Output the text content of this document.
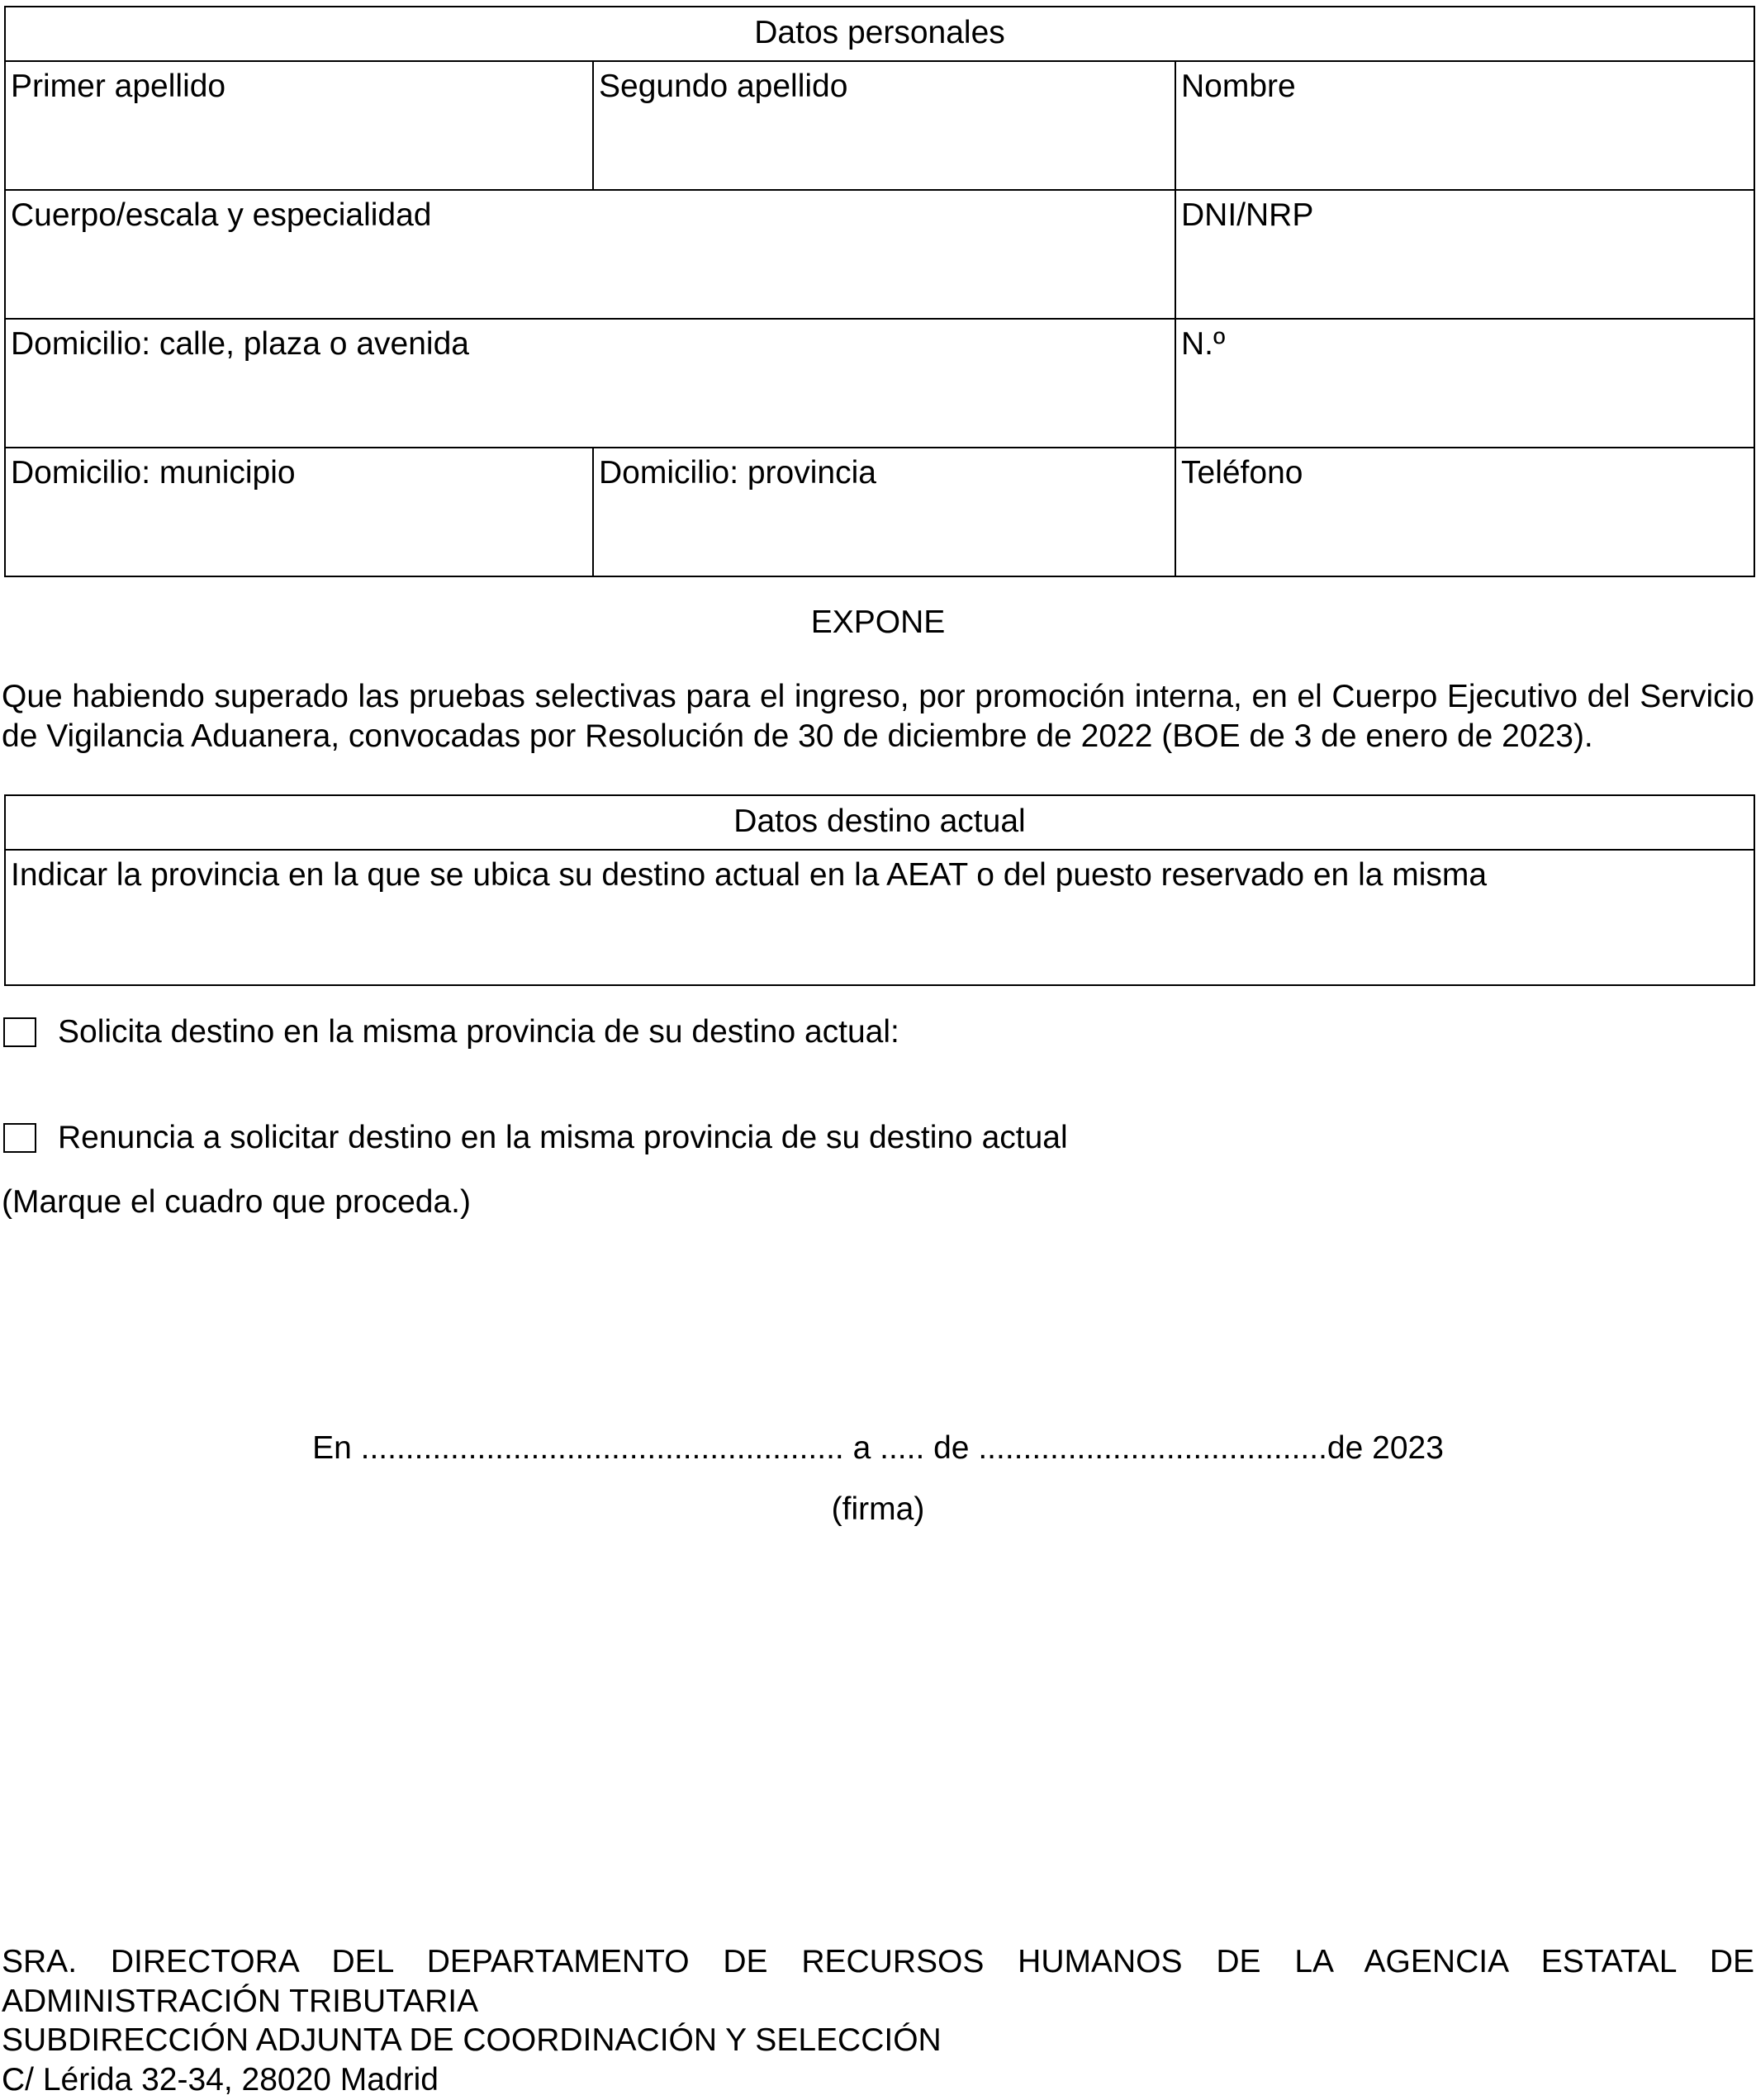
Datos personales		
Primer apellido	Segundo apellido	Nombre
Cuerpo/escala y especialidad		DNI/NRP
Domicilio: calle, plaza o avenida		N.º
Domicilio: municipio	Domicilio: provincia	Teléfono
EXPONE
Que habiendo superado las pruebas selectivas para el ingreso, por promoción interna, en el Cuerpo Ejecutivo del Servicio de Vigilancia Aduanera, convocadas por Resolución de 30 de diciembre de 2022 (BOE de 3 de enero de 2023).
Datos destino actual
Indicar la provincia en la que se ubica su destino actual en la AEAT o del puesto reservado en la misma
Solicita destino en la misma provincia de su destino actual:
Renuncia a solicitar destino en la misma provincia de su destino actual
(Marque el cuadro que proceda.)
En ...................................................... a ..... de .......................................de 2023
(firma)
SRA. DIRECTORA DEL DEPARTAMENTO DE RECURSOS HUMANOS DE LA AGENCIA ESTATAL DE ADMINISTRACIÓN TRIBUTARIA
SUBDIRECCIÓN ADJUNTA DE COORDINACIÓN Y SELECCIÓN
C/ Lérida 32-34, 28020 Madrid
